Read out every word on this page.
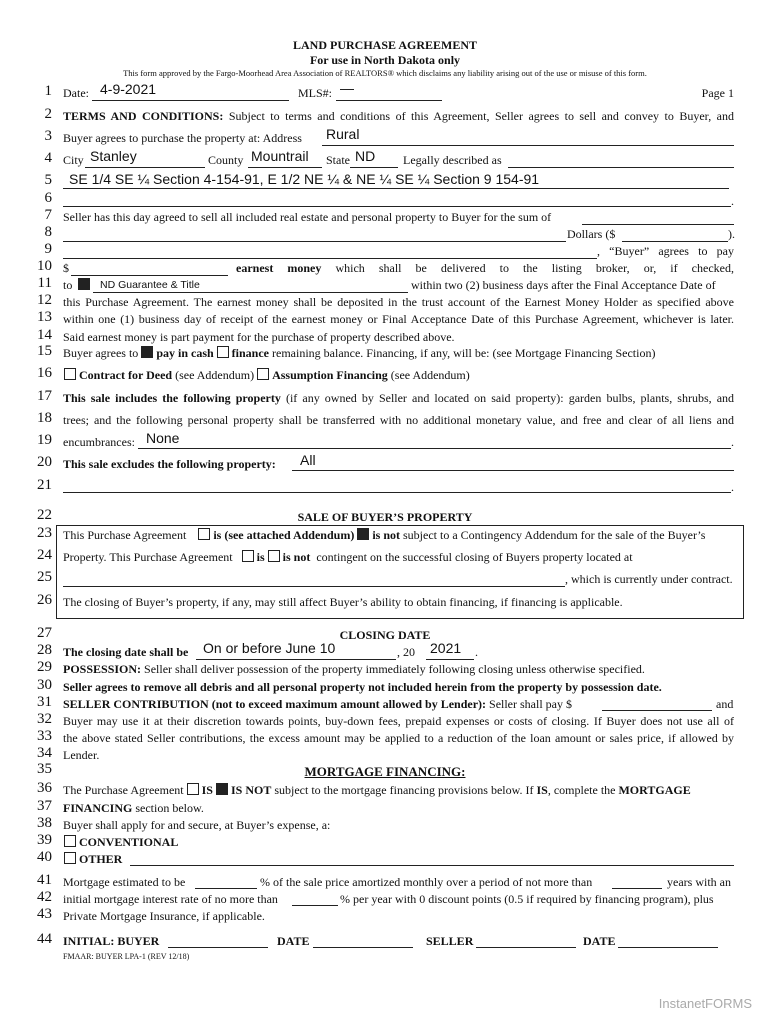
LAND PURCHASE AGREEMENT
For use in North Dakota only
This form approved by the Fargo-Moorhead Area Association of REALTORS® which disclaims any liability arising out of the use or misuse of this form.
1
2
3
4
5
6
7
8
9
10
11
12
13
14
15
16
17
18
19
20
21
22
23
24
25
26
27
28
29
30
31
32
33
34
35
36
37
38
39
40
41
42
43
44
Date: 4-9-2021	MLS#: —	Page 1
TERMS AND CONDITIONS: Subject to terms and conditions of this Agreement, Seller agrees to sell and convey to Buyer, and
Buyer agrees to purchase the property at: Address Rural
City Stanley	County Mountrail State ND Legally described as
SE 1/4 SE ¼ Section 4-154-91, E 1/2 NE ¼ & NE ¼ SE ¼ Section 9 154-91
.
Seller has this day agreed to sell all included real estate and personal property to Buyer for the sum of
Dollars ($	).
, “Buyer” agrees to pay
$	earnest money which shall be delivered to the listing broker, or, if checked,
to	ND Guarantee & Title	within two (2) business days after the Final Acceptance Date of
this Purchase Agreement. The earnest money shall be deposited in the trust account of the Earnest Money Holder as specified above
within one (1) business day of receipt of the earnest money or Final Acceptance Date of this Purchase Agreement, whichever is later.
Said earnest money is part payment for the purchase of property described above.
Buyer agrees to pay in cash finance remaining balance. Financing, if any, will be: (see Mortgage Financing Section)
Contract for Deed (see Addendum) Assumption Financing (see Addendum)
This sale includes the following property (if any owned by Seller and located on said property): garden bulbs, plants, shrubs, and
trees; and the following personal property shall be transferred with no additional monetary value, and free and clear of all liens and
encumbrances:	.
None
This sale excludes the following property: All
.
SALE OF BUYER’S PROPERTY
This Purchase Agreement is (see attached Addendum) is not subject to a Contingency Addendum for the sale of the Buyer’s
Property. This Purchase Agreement is is not contingent on the successful closing of Buyers property located at
, which is currently under contract.
The closing of Buyer’s property, if any, may still affect Buyer’s ability to obtain financing, if financing is applicable.
CLOSING DATE
The closing date shall be On or before June 10	, 20 2021 .
POSSESSION: Seller shall deliver possession of the property immediately following closing unless otherwise specified.
Seller agrees to remove all debris and all personal property not included herein from the property by possession date.
SELLER CONTRIBUTION (not to exceed maximum amount allowed by Lender): Seller shall pay $	and
Buyer may use it at their discretion towards points, buy-down fees, prepaid expenses or costs of closing. If Buyer does not use all of
the above stated Seller contributions, the excess amount may be applied to a reduction of the loan amount or sales price, if allowed by
Lender.
MORTGAGE FINANCING:
The Purchase Agreement IS IS NOT subject to the mortgage financing provisions below. If IS, complete the MORTGAGE
FINANCING section below.
Buyer shall apply for and secure, at Buyer’s expense, a:
CONVENTIONAL
OTHER
Mortgage estimated to be	% of the sale price amortized monthly over a period of not more than	years with an
initial mortgage interest rate of no more than	% per year with 0 discount points (0.5 if required by financing program), plus
Private Mortgage Insurance, if applicable.
INITIAL: BUYER	DATE	SELLER	DATE
FMAAR: BUYER LPA-1 (REV 12/18)
InstanetFORMS
